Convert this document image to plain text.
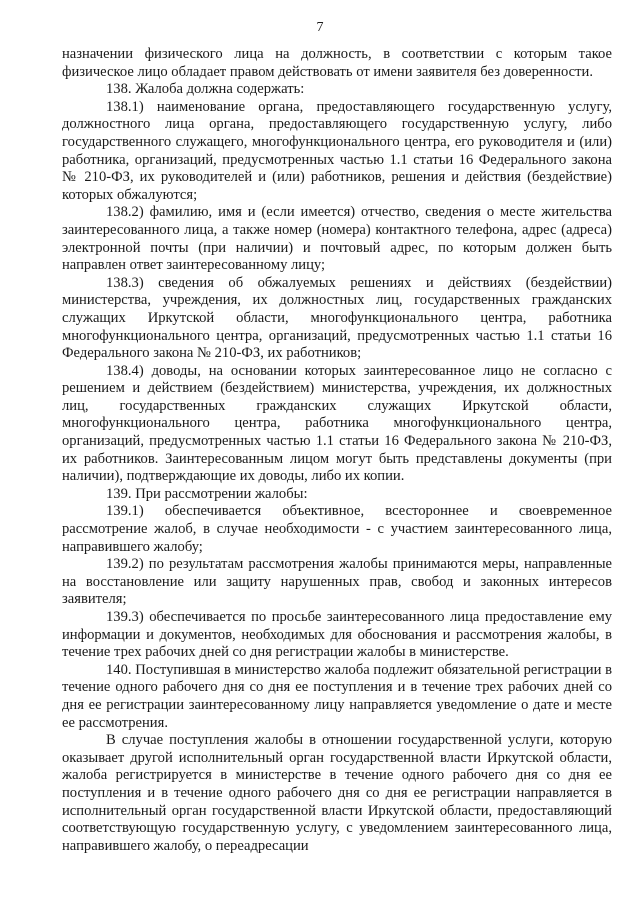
7

назначении физического лица на должность, в соответствии с которым такое физическое лицо обладает правом действовать от имени заявителя без доверенности.

138. Жалоба должна содержать:

138.1) наименование органа, предоставляющего государственную услугу, должностного лица органа, предоставляющего государственную услугу, либо государственного служащего, многофункционального центра, его руководителя и (или) работника, организаций, предусмотренных частью 1.1 статьи 16 Федерального закона № 210-ФЗ, их руководителей и (или) работников, решения и действия (бездействие) которых обжалуются;

138.2) фамилию, имя и (если имеется) отчество, сведения о месте жительства заинтересованного лица, а также номер (номера) контактного телефона, адрес (адреса) электронной почты (при наличии) и почтовый адрес, по которым должен быть направлен ответ заинтересованному лицу;

138.3) сведения об обжалуемых решениях и действиях (бездействии) министерства, учреждения, их должностных лиц, государственных гражданских служащих Иркутской области, многофункционального центра, работника многофункционального центра, организаций, предусмотренных частью 1.1 статьи 16 Федерального закона № 210-ФЗ, их работников;

138.4) доводы, на основании которых заинтересованное лицо не согласно с решением и действием (бездействием) министерства, учреждения, их должностных лиц, государственных гражданских служащих Иркутской области, многофункционального центра, работника многофункционального центра, организаций, предусмотренных частью 1.1 статьи 16 Федерального закона № 210-ФЗ, их работников. Заинтересованным лицом могут быть представлены документы (при наличии), подтверждающие их доводы, либо их копии.

139. При рассмотрении жалобы:

139.1) обеспечивается объективное, всестороннее и своевременное рассмотрение жалоб, в случае необходимости - с участием заинтересованного лица, направившего жалобу;

139.2) по результатам рассмотрения жалобы принимаются меры, направленные на восстановление или защиту нарушенных прав, свобод и законных интересов заявителя;

139.3) обеспечивается по просьбе заинтересованного лица предоставление ему информации и документов, необходимых для обоснования и рассмотрения жалобы, в течение трех рабочих дней со дня регистрации жалобы в министерстве.

140. Поступившая в министерство жалоба подлежит обязательной регистрации в течение одного рабочего дня со дня ее поступления и в течение трех рабочих дней со дня ее регистрации заинтересованному лицу направляется уведомление о дате и месте ее рассмотрения.

В случае поступления жалобы в отношении государственной услуги, которую оказывает другой исполнительный орган государственной власти Иркутской области, жалоба регистрируется в министерстве в течение одного рабочего дня со дня ее поступления и в течение одного рабочего дня со дня ее регистрации направляется в исполнительный орган государственной власти Иркутской области, предоставляющий соответствующую государственную услугу, с уведомлением заинтересованного лица, направившего жалобу, о переадресации
